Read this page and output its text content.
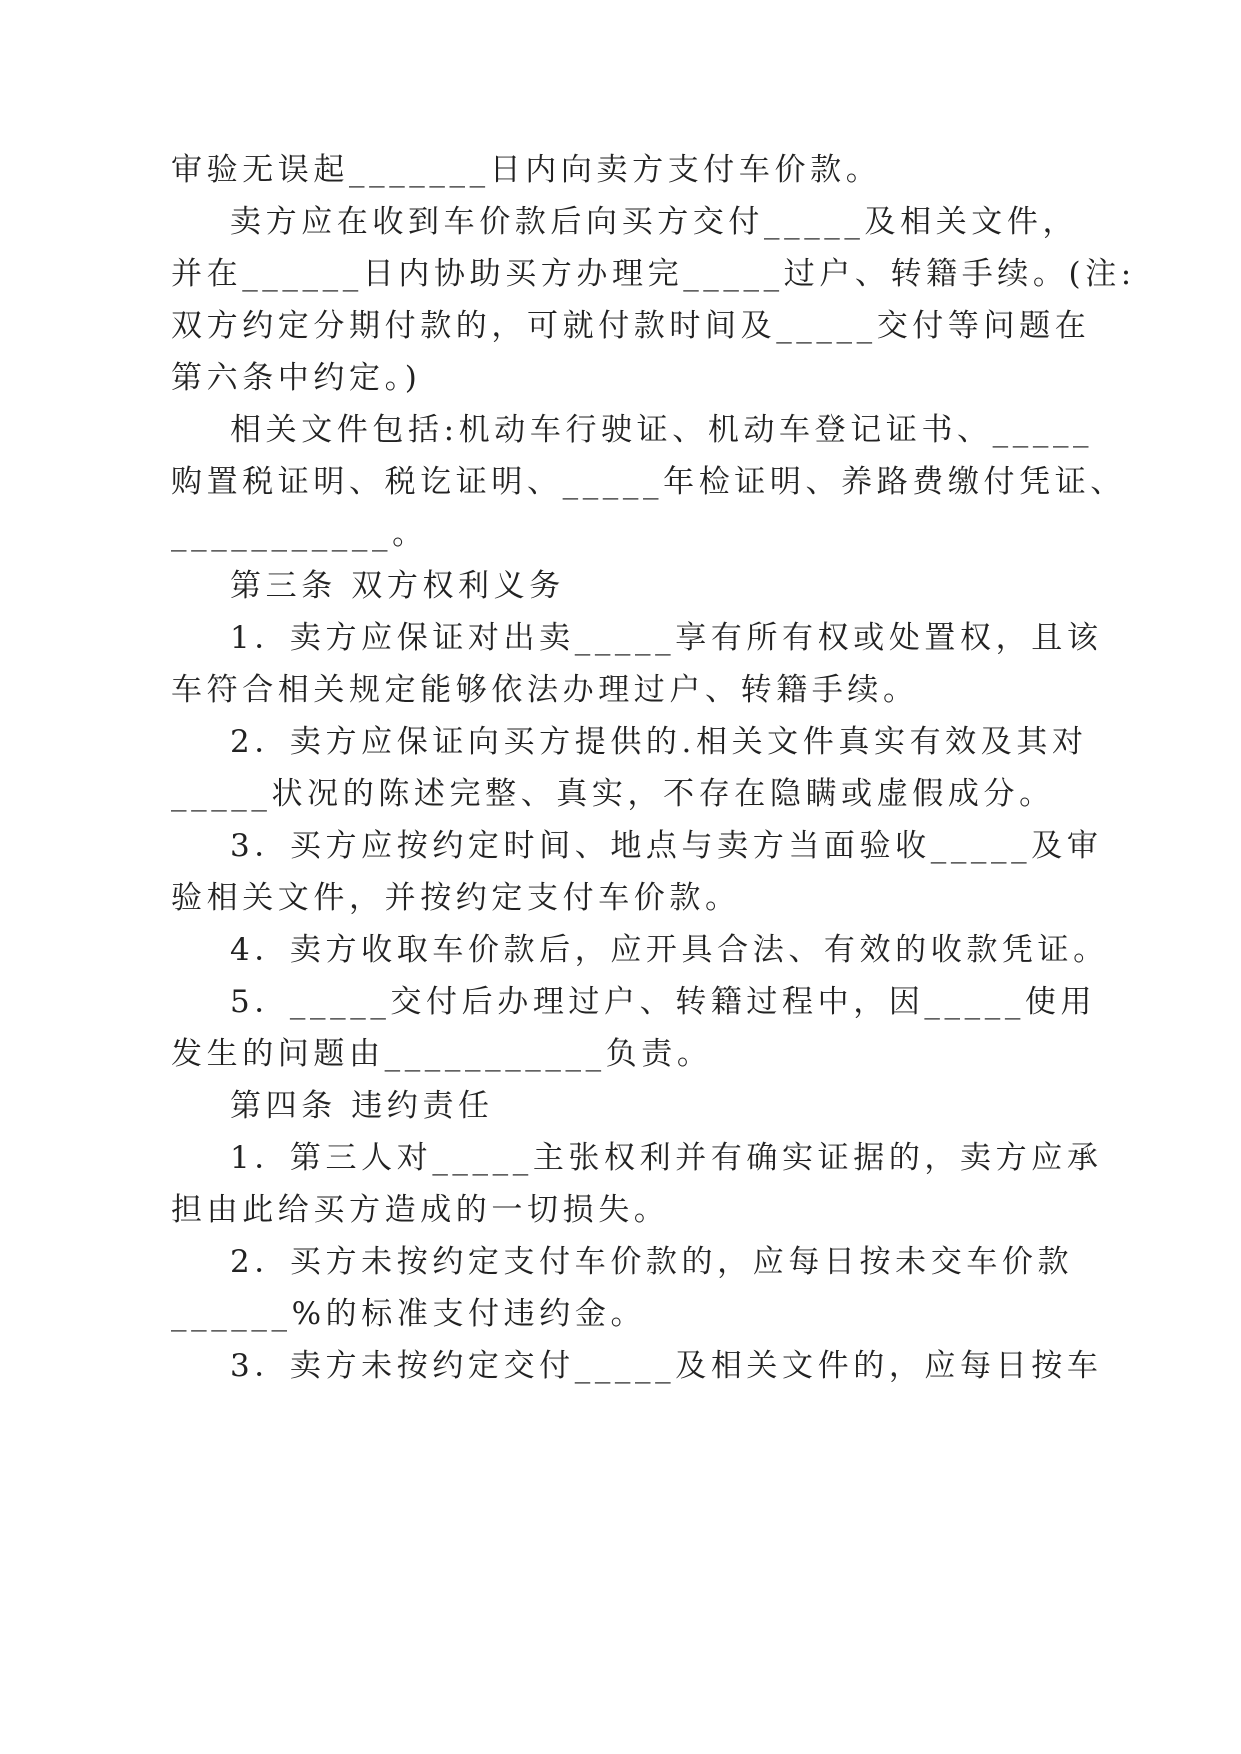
审验无误起_______日内向卖方支付车价款。
卖方应在收到车价款后向买方交付_____及相关文件，
并在______日内协助买方办理完_____过户、转籍手续。(注:
双方约定分期付款的，可就付款时间及_____交付等问题在
第六条中约定。)
相关文件包括:机动车行驶证、机动车登记证书、_____
购置税证明、税讫证明、_____年检证明、养路费缴付凭证、
___________。
第三条 双方权利义务
1．卖方应保证对出卖_____享有所有权或处置权，且该
车符合相关规定能够依法办理过户、转籍手续。
2．卖方应保证向买方提供的.相关文件真实有效及其对
_____状况的陈述完整、真实，不存在隐瞒或虚假成分。
3．买方应按约定时间、地点与卖方当面验收_____及审
验相关文件，并按约定支付车价款。
4．卖方收取车价款后，应开具合法、有效的收款凭证。
5．_____交付后办理过户、转籍过程中，因_____使用
发生的问题由___________负责。
第四条 违约责任
1．第三人对_____主张权利并有确实证据的，卖方应承
担由此给买方造成的一切损失。
2．买方未按约定支付车价款的，应每日按未交车价款
______%的标准支付违约金。
3．卖方未按约定交付_____及相关文件的，应每日按车
